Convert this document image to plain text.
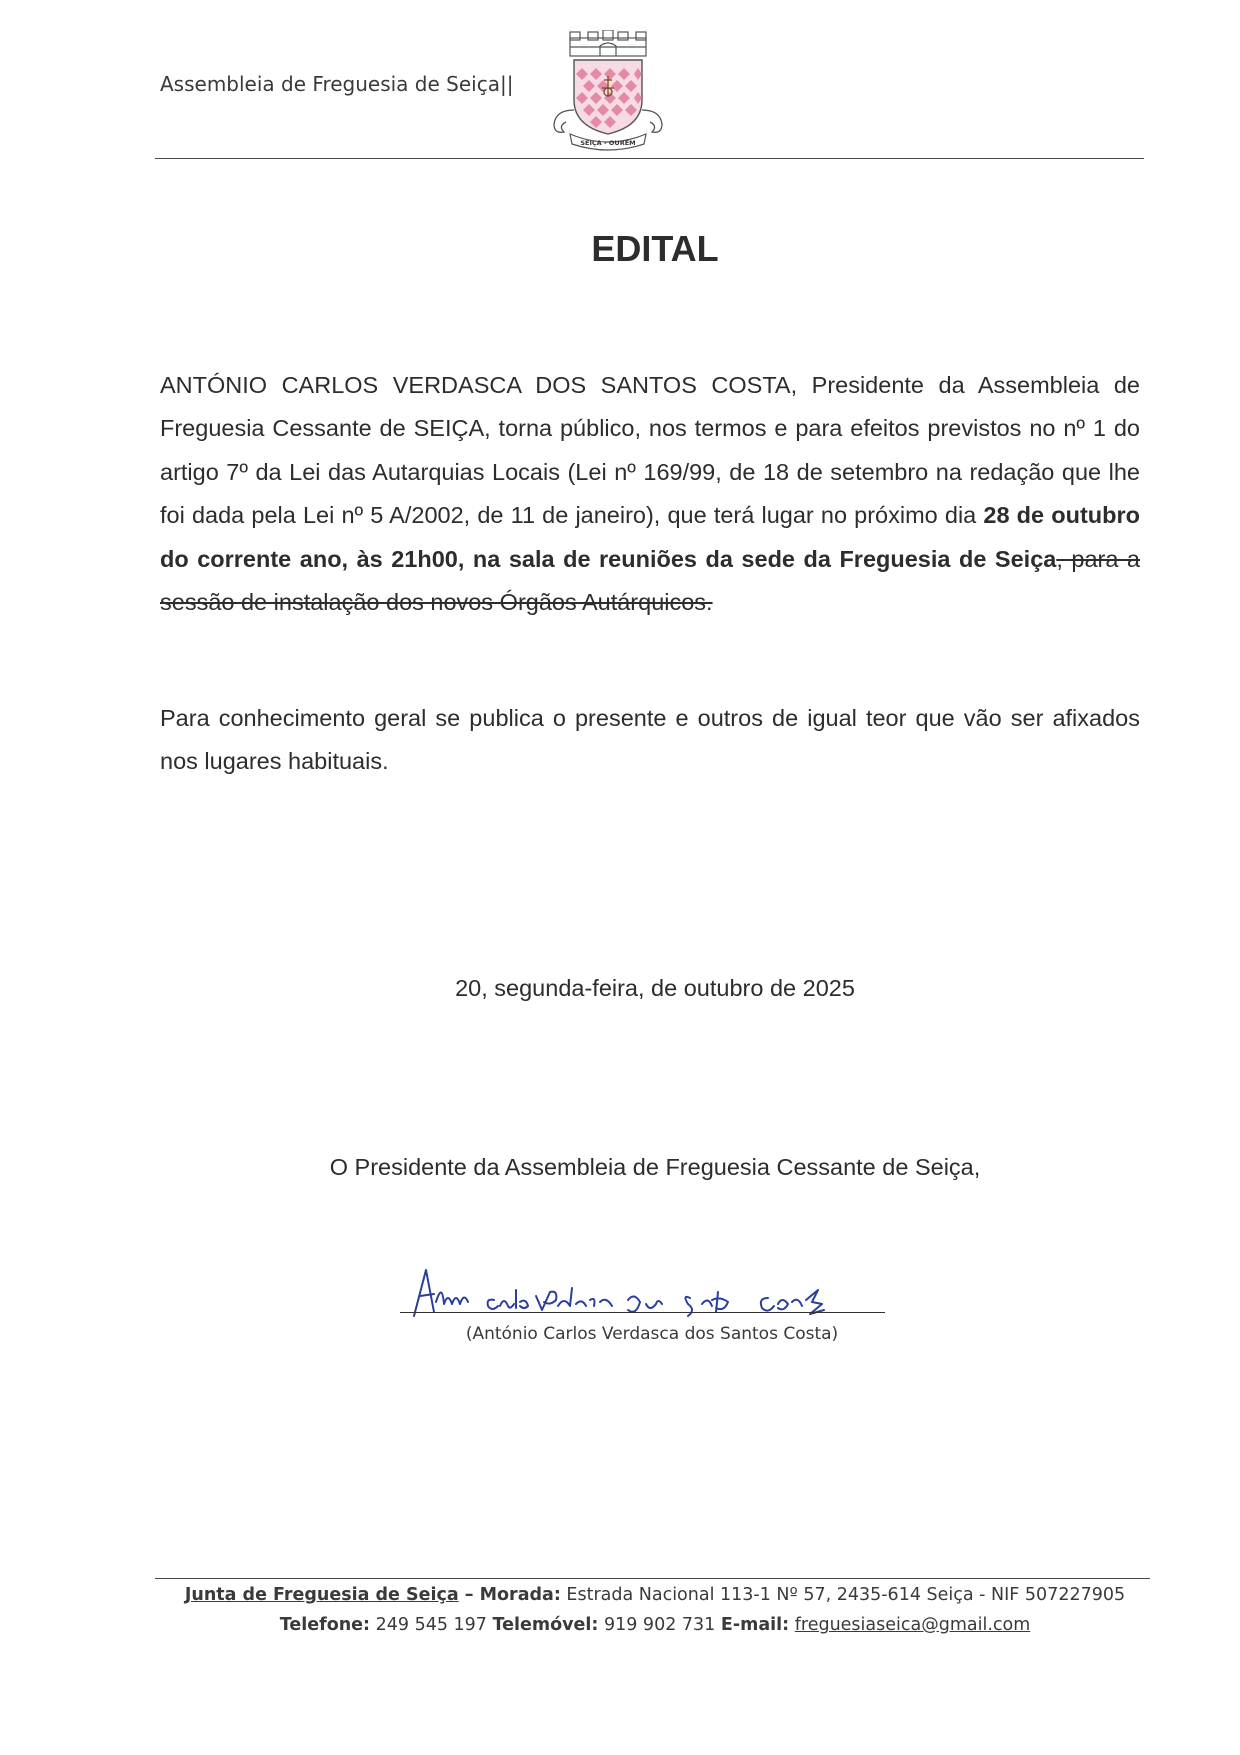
Assembleia de Freguesia de Seiça||
SEIÇA - OURÉM
EDITAL

ANTÓNIO CARLOS VERDASCA DOS SANTOS COSTA, Presidente da Assembleia de Freguesia Cessante de SEIÇA, torna público, nos termos e para efeitos previstos no nº 1 do artigo 7º da Lei das Autarquias Locais (Lei nº 169/99, de 18 de setembro na redação que lhe foi dada pela Lei nº 5 A/2002, de 11 de janeiro), que terá lugar no próximo dia 28 de outubro do corrente ano, às 21h00, na sala de reuniões da sede da Freguesia de Seiça, para a sessão de instalação dos novos Órgãos Autárquicos.

Para conhecimento geral se publica o presente e outros de igual teor que vão ser afixados nos lugares habituais.

20, segunda-feira, de outubro de 2025
O Presidente da Assembleia de Freguesia Cessante de Seiça,
(António Carlos Verdasca dos Santos Costa)
Junta de Freguesia de Seiça – Morada: Estrada Nacional 113-1 Nº 57, 2435-614 Seiça - NIF 507227905
Telefone: 249 545 197 Telemóvel: 919 902 731 E-mail: freguesiaseica@gmail.com
